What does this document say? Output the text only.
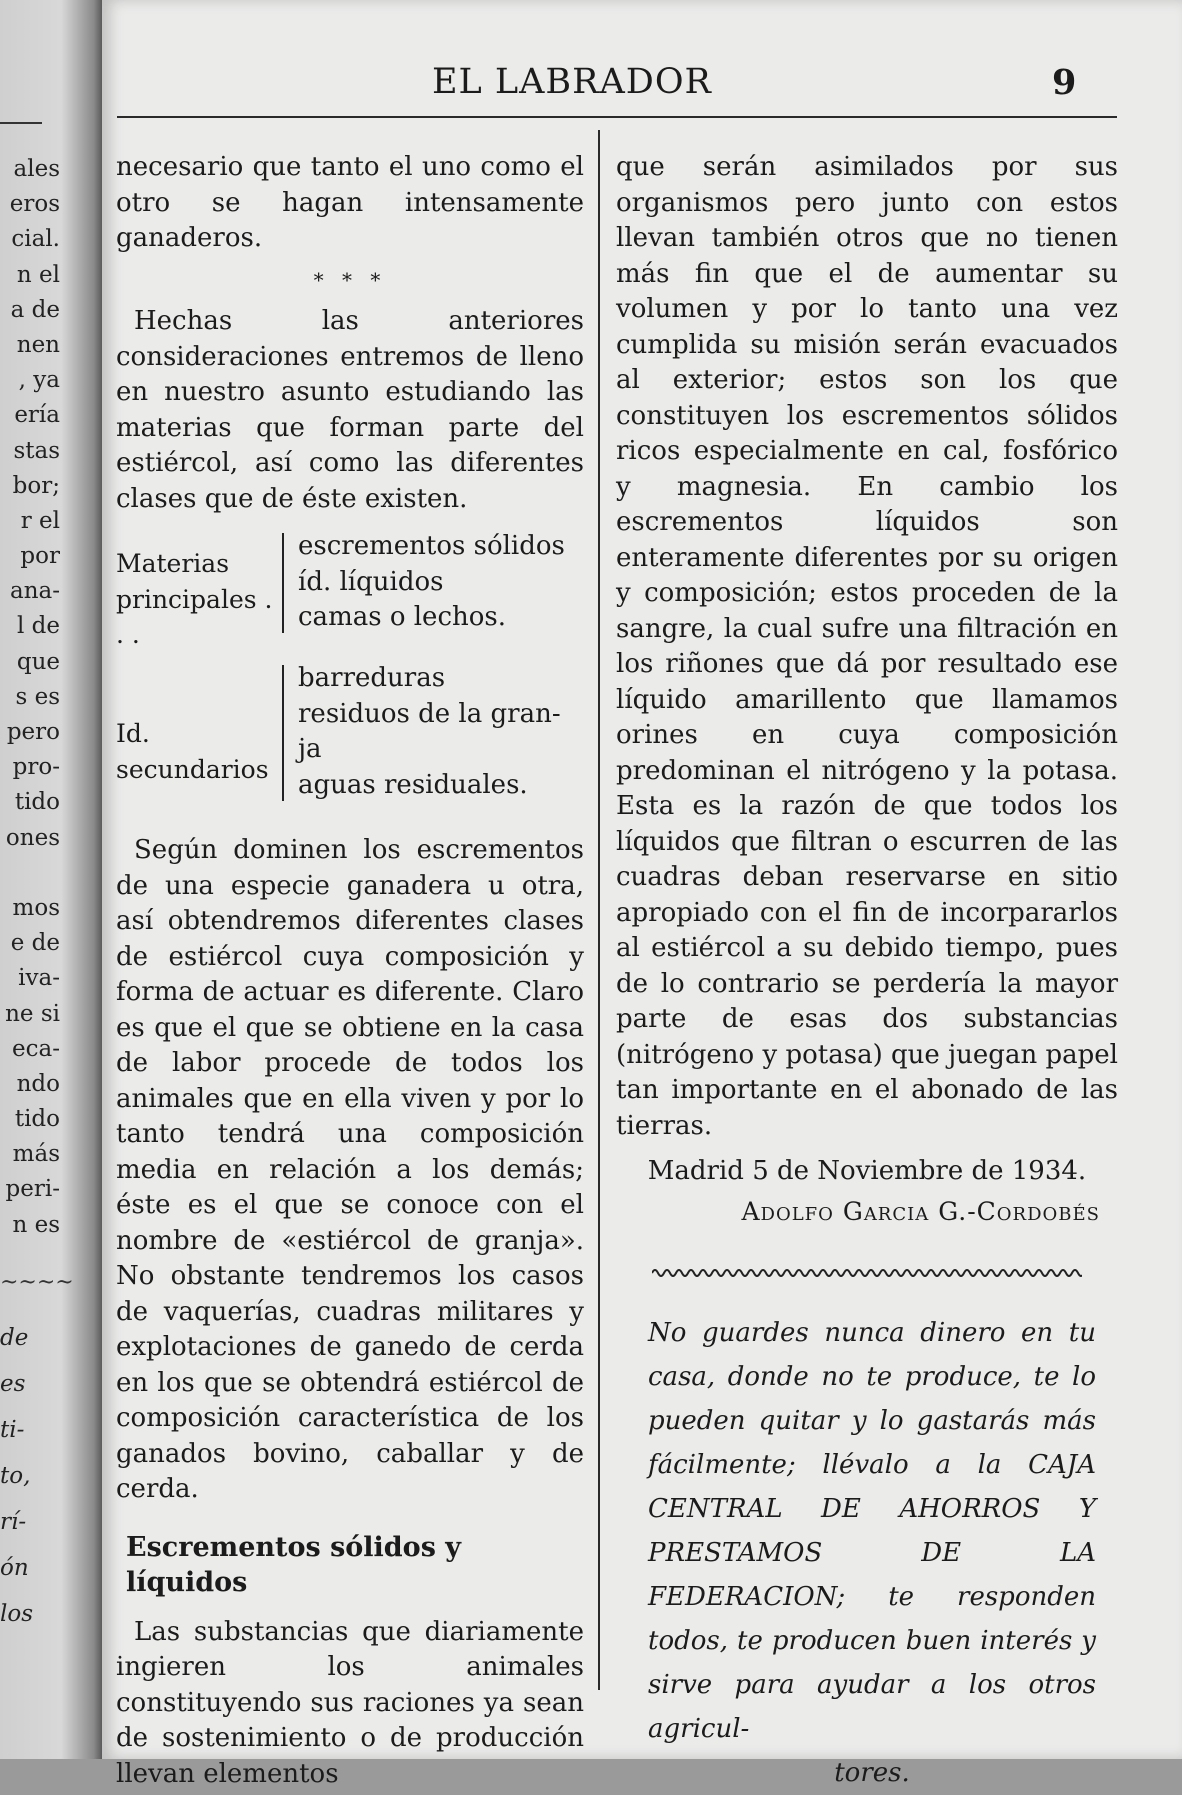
ales
eros
cial.
n el
a de
nen
, ya
ería
stas
bor;
r el
por
ana-
l de
que
s es
pero
pro-
tido
ones
mos
e de
iva-
ne si
eca-
ndo
tido
más
peri-
n es
~~~~
de
es
ti-
to,
rí-
ón
los
EL LABRADOR	9

necesario que tanto el uno como el otro se hagan intensamente ganaderos.

* * *

Hechas las anteriores consideraciones entremos de lleno en nuestro asunto estudiando las materias que forman parte del estiércol, así como las diferentes clases que de éste existen.

Materias principales . . .
escrementos sólidos
íd. líquidos
camas o lechos.
Id. secundarios
barreduras
residuos de la gran-
ja
aguas residuales.

Según dominen los escrementos de una especie ganadera u otra, así obtendremos diferentes clases de estiércol cuya composición y forma de actuar es diferente. Claro es que el que se obtiene en la casa de labor procede de todos los animales que en ella viven y por lo tanto tendrá una composición media en relación a los demás; éste es el que se conoce con el nombre de «estiércol de granja». No obstante tendremos los casos de vaquerías, cuadras militares y explotaciones de ganedo de cerda en los que se obtendrá estiércol de composición característica de los ganados bovino, caballar y de cerda.

Escrementos sólidos y líquidos

Las substancias que diariamente ingieren los animales constituyendo sus raciones ya sean de sostenimiento o de producción llevan elementos

que serán asimilados por sus organismos pero junto con estos llevan también otros que no tienen más fin que el de aumentar su volumen y por lo tanto una vez cumplida su misión serán evacuados al exterior; estos son los que constituyen los escrementos sólidos ricos especialmente en cal, fosfórico y magnesia. En cambio los escrementos líquidos son enteramente diferentes por su origen y composición; estos proceden de la sangre, la cual sufre una filtración en los riñones que dá por resultado ese líquido amarillento que llamamos orines en cuya composición predominan el nitrógeno y la potasa. Esta es la razón de que todos los líquidos que filtran o escurren de las cuadras deban reservarse en sitio apropiado con el fin de incorpararlos al estiércol a su debido tiempo, pues de lo contrario se perdería la mayor parte de esas dos substancias (nitrógeno y potasa) que juegan papel tan importante en el abonado de las tierras.

Madrid 5 de Noviembre de 1934.
Adolfo Garcia G.-Cordobés
No guardes nunca dinero en tu casa, donde no te produce, te lo pueden quitar y lo gastarás más fácilmente; llévalo a la CAJA CENTRAL DE AHORROS Y PRESTAMOS DE LA FEDERACION; te responden todos, te producen buen interés y sirve para ayudar a los otros agricul-
tores.
